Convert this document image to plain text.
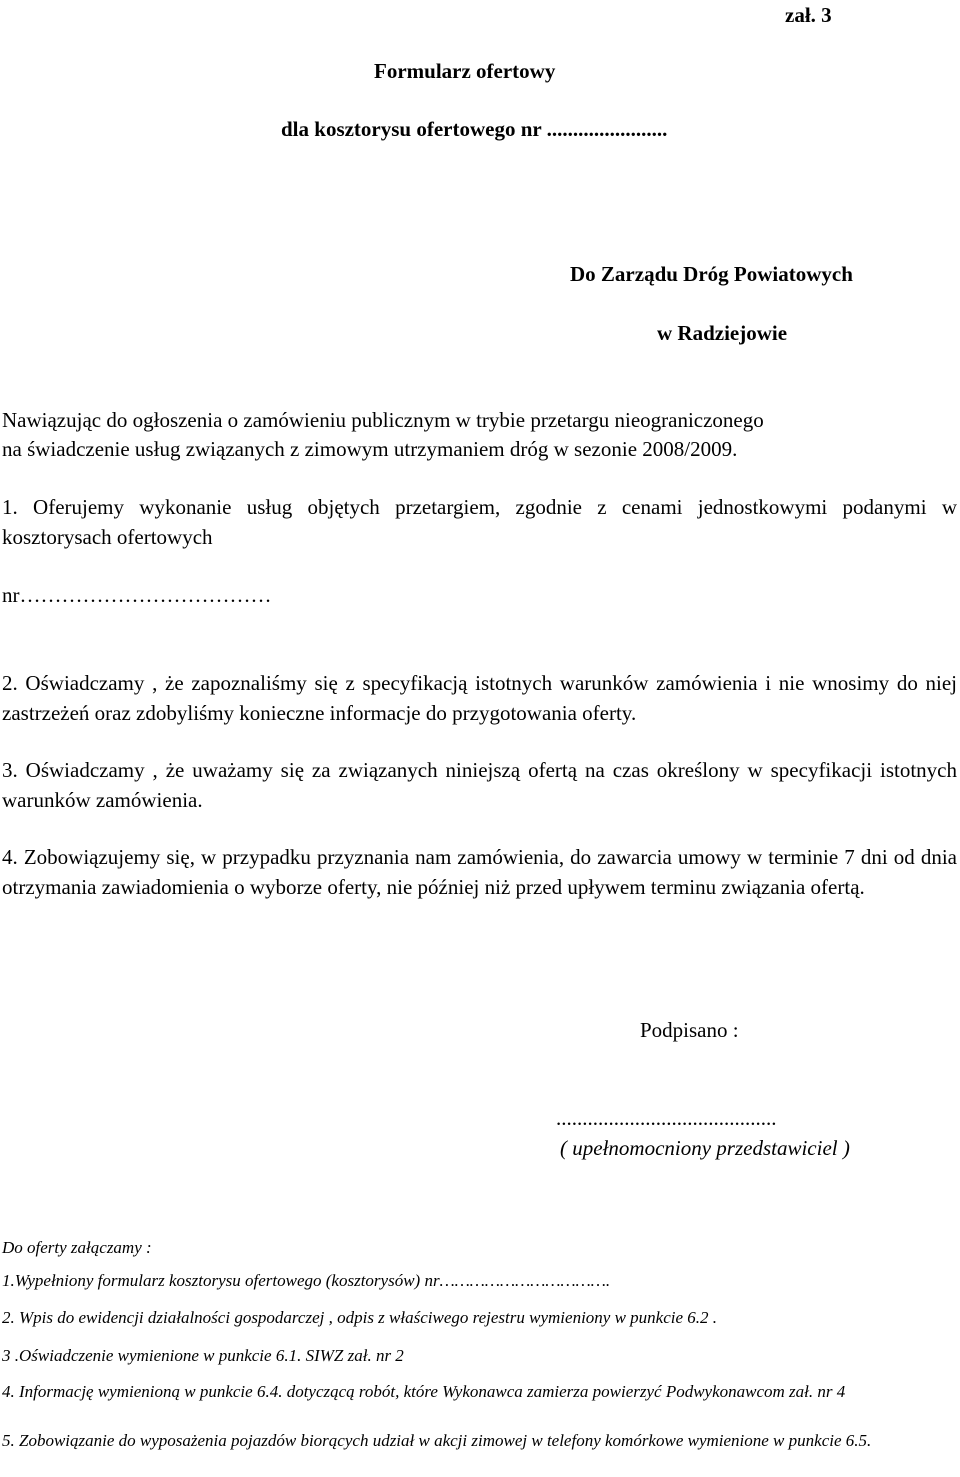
zał. 3
Formularz ofertowy
dla kosztorysu ofertowego nr .......................
Do Zarządu Dróg Powiatowych
w Radziejowie
Nawiązując do ogłoszenia o zamówieniu publicznym w trybie przetargu nieograniczonego
na świadczenie usług związanych z zimowym utrzymaniem dróg w sezonie 2008/2009.
1. Oferujemy wykonanie usług objętych przetargiem, zgodnie z cenami jednostkowymi podanymi w kosztorysach ofertowych
nr………………………………
2. Oświadczamy , że zapoznaliśmy się z specyfikacją istotnych warunków zamówienia i nie wnosimy do niej zastrzeżeń oraz zdobyliśmy konieczne informacje do przygotowania oferty.
3. Oświadczamy , że uważamy się za związanych niniejszą ofertą na czas określony w specyfikacji istotnych warunków zamówienia.
4. Zobowiązujemy się, w przypadku przyznania nam zamówienia, do zawarcia umowy w terminie 7 dni od dnia otrzymania zawiadomienia o wyborze oferty, nie później niż przed upływem terminu związania ofertą.
Podpisano :
..........................................
( upełnomocniony przedstawiciel )
Do oferty załączamy :
1.Wypełniony formularz kosztorysu ofertowego (kosztorysów) nr…………………………….
2. Wpis do ewidencji działalności gospodarczej , odpis z właściwego rejestru wymieniony w punkcie 6.2 .
3 .Oświadczenie wymienione w punkcie 6.1. SIWZ zał. nr 2
4. Informację wymienioną w punkcie 6.4. dotyczącą robót, które Wykonawca zamierza powierzyć Podwykonawcom zał. nr 4
5. Zobowiązanie do wyposażenia pojazdów biorących udział w akcji zimowej w telefony komórkowe wymienione w punkcie 6.5.
